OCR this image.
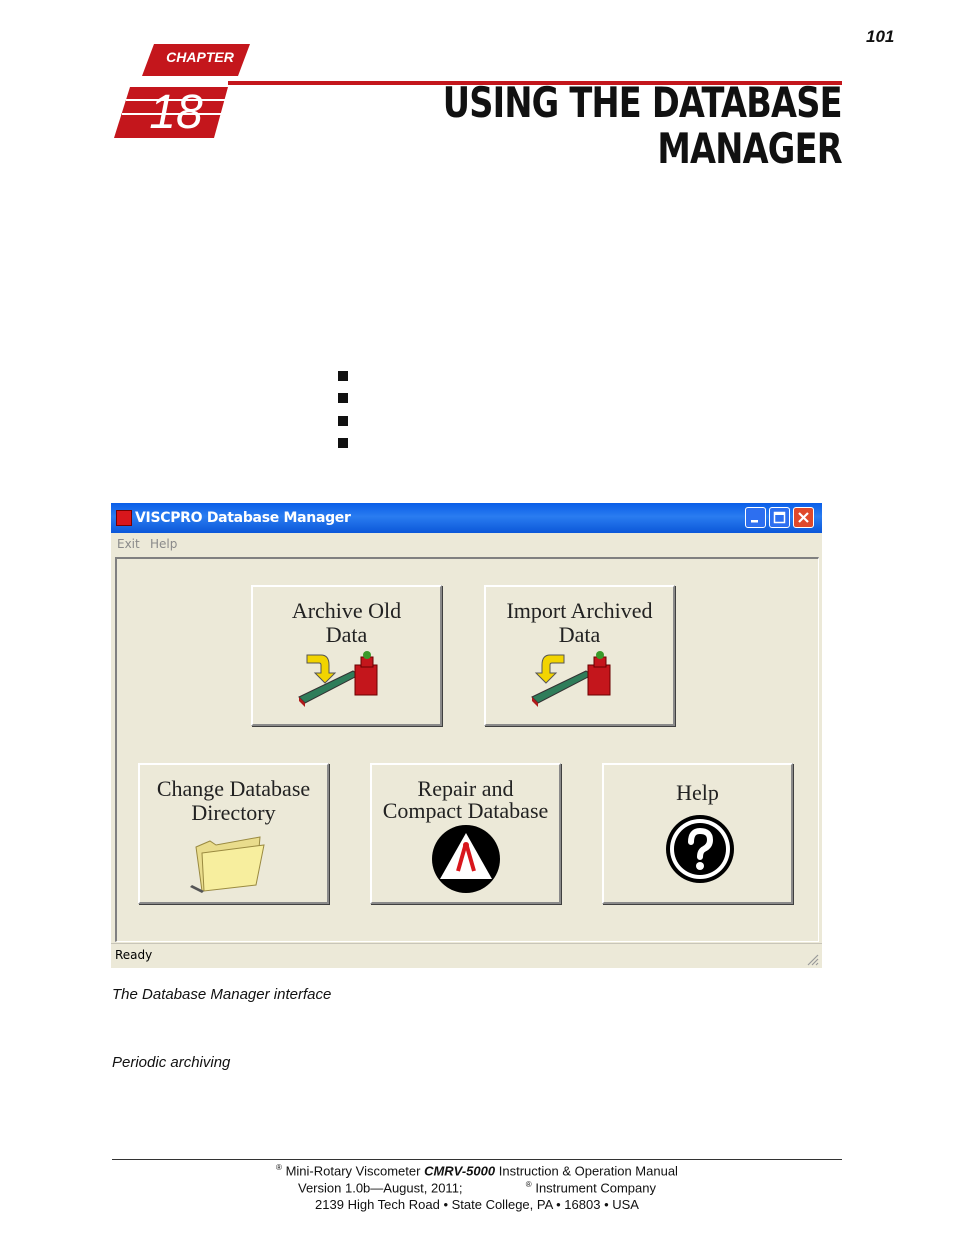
101
CHAPTER
18	USING THE DATABASE
MANAGER
VISCPRO Database Manager
Exit Help
Archive Old
Data
Import Archived
Data
Change Database
Directory
Repair and
Compact Database
Help
Ready
The Database Manager interface
Periodic archiving
® Mini-Rotary Viscometer CMRV-5000 Instruction & Operation Manual
Version 1.0b—August, 2011;	® Instrument Company
2139 High Tech Road • State College, PA • 16803 • USA
